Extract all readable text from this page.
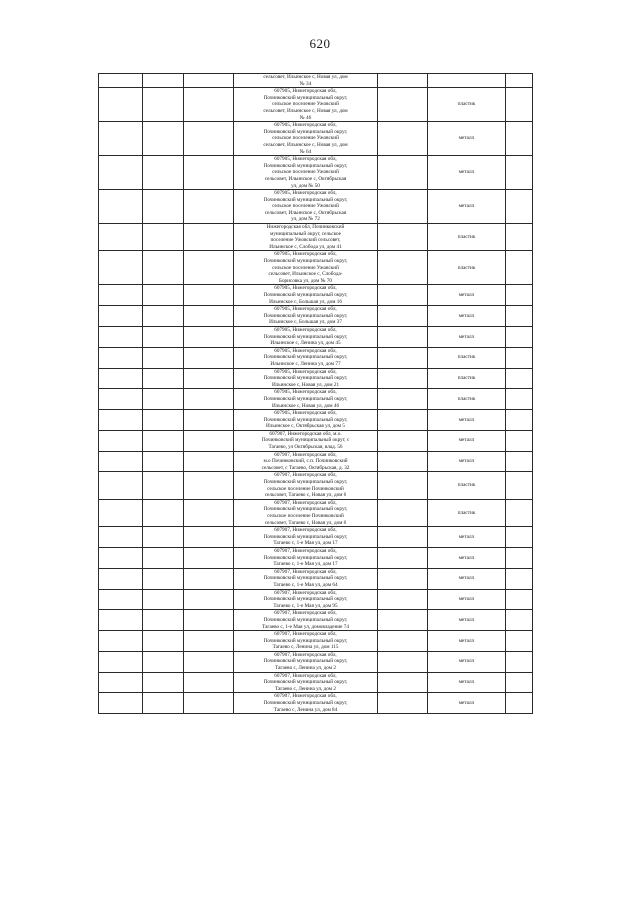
620

			сельсовет, Ильинское с, Новая ул, дом
№ 34			

			607905, Нижегородская обл,
Починковский муниципальный округ,
сельское поселение Ужовский
сельсовет, Ильинское с, Новая ул, дом
№ 46		пластик	

			607905, Нижегородская обл,
Починковский муниципальный округ,
сельское поселение Ужовский
сельсовет, Ильинское с, Новая ул, дом
№ 64		металл	

			607905, Нижегородская обл,
Починковский муниципальный округ,
сельское поселение Ужовский
сельсовет, Ильинское с, Октябрьская
ул, дом № 50		металл	

			607905, Нижегородская обл,
Починковский муниципальный округ,
сельское поселение Ужовский
сельсовет, Ильинское с, Октябрьская
ул, дом № 72		металл	

			Нижегородская обл, Починковский
муниципальный округ, сельское
поселение Ужовский сельсовет,
Ильинское с, Слобода ул, дом 41		пластик	

			607905, Нижегородская обл,
Починковский муниципальный округ,
сельское поселение Ужовский
сельсовет, Ильинское с, Слобода-
Борисовка ул, дом № 70		пластик	

			607905, Нижегородская обл,
Починковский муниципальный округ,
Ильинское с, Большая ул, дом 16		металл	

			607905, Нижегородская обл,
Починковский муниципальный округ,
Ильинское с, Большая ул, дом 37		металл	

			607905, Нижегородская обл,
Починковский муниципальный округ,
Ильинское с, Ленина ул, дом 45		металл	

			607905, Нижегородская обл,
Починковский муниципальный округ,
Ильинское с, Ленина ул, дом 77		пластик	

			607905, Нижегородская обл,
Починковский муниципальный округ,
Ильинское с, Новая ул, дом 21		пластик	

			607905, Нижегородская обл,
Починковский муниципальный округ,
Ильинское с, Новая ул, дом 46		пластик	

			607905, Нижегородская обл,
Починковский муниципальный округ,
Ильинское с, Октябрьская ул, дом 5		металл	

			607907, Нижегородская обл, м.о.
Починковский муниципальный округ, с
Тагаево, ул Октябрьская, влад. 56		металл	

			607907, Нижегородская обл,
м.о Починковский, с.п. Починковский
сельсовет, с Тагаево, Октябрьская, д. 32		металл	

			607907, Нижегородская обл,
Починковский муниципальный округ,
сельское поселение Починковский
сельсовет, Тагаево с, Новая ул, дом 6		пластик	

			607907, Нижегородская обл,
Починковский муниципальный округ,
сельское поселение Починковский
сельсовет, Тагаево с, Новая ул, дом 6		пластик	

			607907, Нижегородская обл,
Починковский муниципальный округ,
Тагаево с, 1-е Мая ул, дом 17		металл	

			607907, Нижегородская обл,
Починковский муниципальный округ,
Тагаево с, 1-е Мая ул, дом 17		металл	

			607907, Нижегородская обл,
Починковский муниципальный округ,
Тагаево с, 1-е Мая ул, дом 64		металл	

			607907, Нижегородская обл,
Починковский муниципальный округ,
Тагаево с, 1-е Мая ул, дом 95		металл	

			607907, Нижегородская обл,
Починковский муниципальный округ,
Тагаево с, 1-е Мая ул, домовладение 74		металл	

			607907, Нижегородская обл,
Починковский муниципальный округ,
Тагаево с, Ленина ул, дом 115		металл	

			607907, Нижегородская обл,
Починковский муниципальный округ,
Тагаево с, Ленина ул, дом 2		металл	

			607907, Нижегородская обл,
Починковский муниципальный округ,
Тагаево с, Ленина ул, дом 2		металл	

			607907, Нижегородская обл,
Починковский муниципальный округ,
Тагаево с, Ленина ул, дом 84		металл	
